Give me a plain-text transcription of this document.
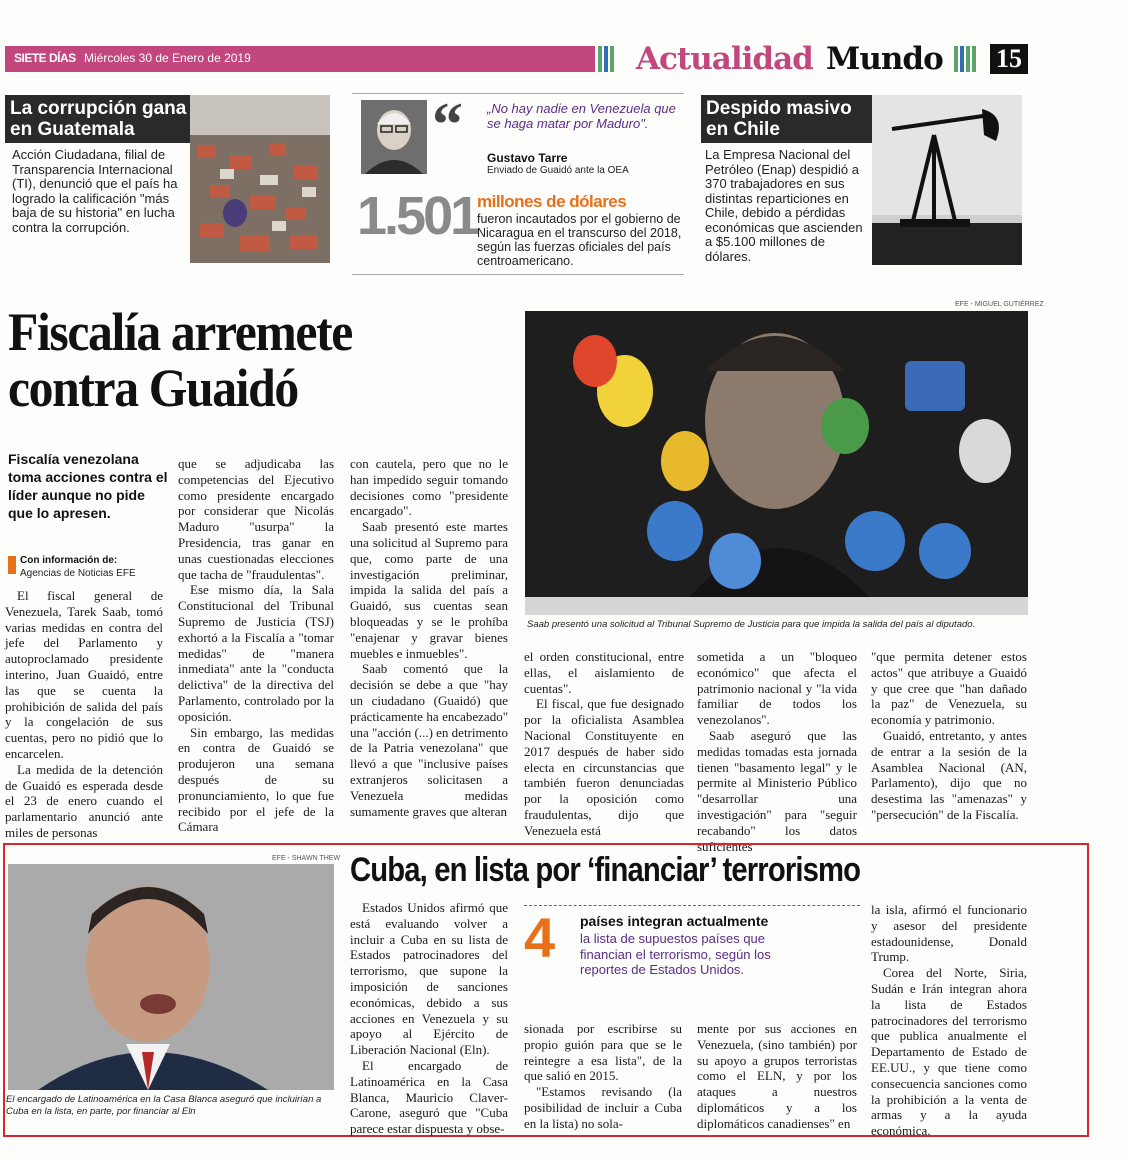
SIETE DÍAS Miércoles 30 de Enero de 2019	Actualidad Mundo 15
La corrupción gana en Guatemala
Acción Ciudadana, filial de Transparencia Internacional (TI), denunció que el país ha logrado la calificación "más baja de su historia" en lucha contra la corrupción.
“ „No hay nadie en Venezuela que se haga matar por Maduro".
Gustavo Tarre
Enviado de Guaidó ante la OEA
1.501 millones de dólares
fueron incautados por el gobierno de Nicaragua en el transcurso del 2018, según las fuerzas oficiales del país centroamericano.
Despido masivo en Chile
La Empresa Nacional del Petróleo (Enap) despidió a 370 trabajadores en sus distintas reparticiones en Chile, debido a pérdidas económicas que ascienden a $5.100 millones de dólares.
Fiscalía arremete contra Guaidó
Fiscalía venezolana toma acciones contra el líder aunque no pide que lo apresen.
Con información de:
Agencias de Noticias EFE
EFE - MIGUEL GUTIÉRREZ
Saab presentó una solicitud al Tribunal Supremo de Justicia para que impida la salida del país al diputado.

El fiscal general de Venezuela, Tarek Saab, tomó varias medidas en contra del jefe del Parlamento y autoproclamado presidente interino, Juan Guaidó, entre las que se cuenta la prohibición de salida del país y la congelación de sus cuentas, pero no pidió que lo encarcelen.

La medida de la detención de Guaidó es esperada desde el 23 de enero cuando el parlamentario anunció ante miles de personas

que se adjudicaba las competencias del Ejecutivo como presidente encargado por considerar que Nicolás Maduro "usurpa" la Presidencia, tras ganar en unas cuestionadas elecciones que tacha de "fraudulentas".

Ese mismo día, la Sala Constitucional del Tribunal Supremo de Justicia (TSJ) exhortó a la Fiscalía a "tomar medidas" de "manera inmediata" ante la "conducta delictiva" de la directiva del Parlamento, controlado por la oposición.

Sin embargo, las medidas en contra de Guaidó se produjeron una semana después de su pronunciamiento, lo que fue recibido por el jefe de la Cámara

con cautela, pero que no le han impedido seguir tomando decisiones como "presidente encargado".

Saab presentó este martes una solicitud al Supremo para que, como parte de una investigación preliminar, impida la salida del país a Guaidó, sus cuentas sean bloqueadas y se le prohíba "enajenar y gravar bienes muebles e inmuebles".

Saab comentó que la decisión se debe a que "hay un ciudadano (Guaidó) que prácticamente ha encabezado" una "acción (...) en detrimento de la Patria venezolana" que llevó a que "inclusive países extranjeros solicitasen a Venezuela medidas sumamente graves que alteran

el orden constitucional, entre ellas, el aislamiento de cuentas".

El fiscal, que fue designado por la oficialista Asamblea Nacional Constituyente en 2017 después de haber sido electa en circunstancias que también fueron denunciadas por la oposición como fraudulentas, dijo que Venezuela está

sometida a un "bloqueo económico" que afecta el patrimonio nacional y "la vida familiar de todos los venezolanos".

Saab aseguró que las medidas tomadas esta jornada tienen "basamento legal" y le permite al Ministerio Público "desarrollar una investigación" para "seguir recabando" los datos suficientes

"que permita detener estos actos" que atribuye a Guaidó y que cree que "han dañado la paz" de Venezuela, su economía y patrimonio.

Guaidó, entretanto, y antes de entrar a la sesión de la Asamblea Nacional (AN, Parlamento), dijo que no desestima las "amenazas" y "persecución" de la Fiscalía.

EFE - SHAWN THEW
El encargado de Latinoamérica en la Casa Blanca aseguró que incluirían a Cuba en la lista, en parte, por financiar al Eln
Cuba, en lista por ‘financiar’ terrorismo

Estados Unidos afirmó que está evaluando volver a incluir a Cuba en su lista de Estados patrocinadores del terrorismo, que supone la imposición de sanciones económicas, debido a sus acciones en Venezuela y su apoyo al Ejército de Liberación Nacional (Eln).

El encargado de Latinoamérica en la Casa Blanca, Mauricio Claver-Carone, aseguró que "Cuba parece estar dispuesta y obse-

4 países integran actualmente
la lista de supuestos países que financian el terrorismo, según los reportes de Estados Unidos.

sionada por escribirse su propio guión para que se le reintegre a esa lista", de la que salió en 2015.

"Estamos revisando (la posibilidad de incluir a Cuba en la lista) no sola-

mente por sus acciones en Venezuela, (sino también) por su apoyo a grupos terroristas como el ELN, y por los ataques a nuestros diplomáticos y a los diplomáticos canadienses" en

la isla, afirmó el funcionario y asesor del presidente estadounidense, Donald Trump.

Corea del Norte, Siria, Sudán e Irán integran ahora la lista de Estados patrocinadores del terrorismo que publica anualmente el Departamento de Estado de EE.UU., y que tiene como consecuencia sanciones como la prohibición a la venta de armas y a la ayuda económica.
